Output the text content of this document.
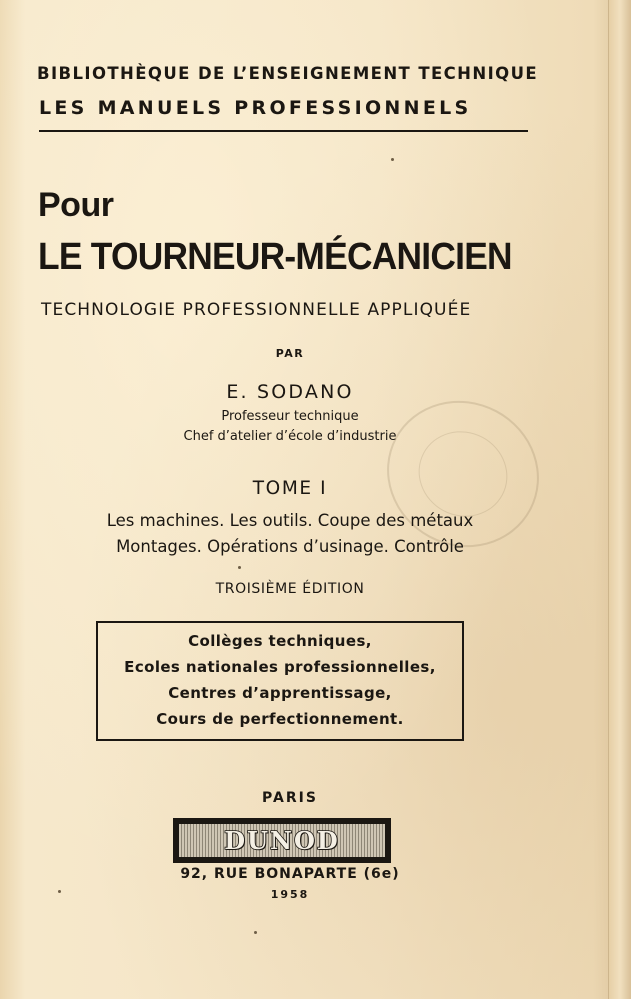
BIBLIOTHÈQUE DE L’ENSEIGNEMENT TECHNIQUE
LES MANUELS PROFESSIONNELS
Pour
LE TOURNEUR-MÉCANICIEN
TECHNOLOGIE PROFESSIONNELLE APPLIQUÉE
PAR
E. SODANO
Professeur technique
Chef d’atelier d’école d’industrie
TOME I
Les machines. Les outils. Coupe des métaux
Montages. Opérations d’usinage. Contrôle
TROISIÈME ÉDITION
Collèges techniques,
Ecoles nationales professionnelles,
Centres d’apprentissage,
Cours de perfectionnement.
PARIS
DUNOD
92, RUE BONAPARTE (6e)
1958
